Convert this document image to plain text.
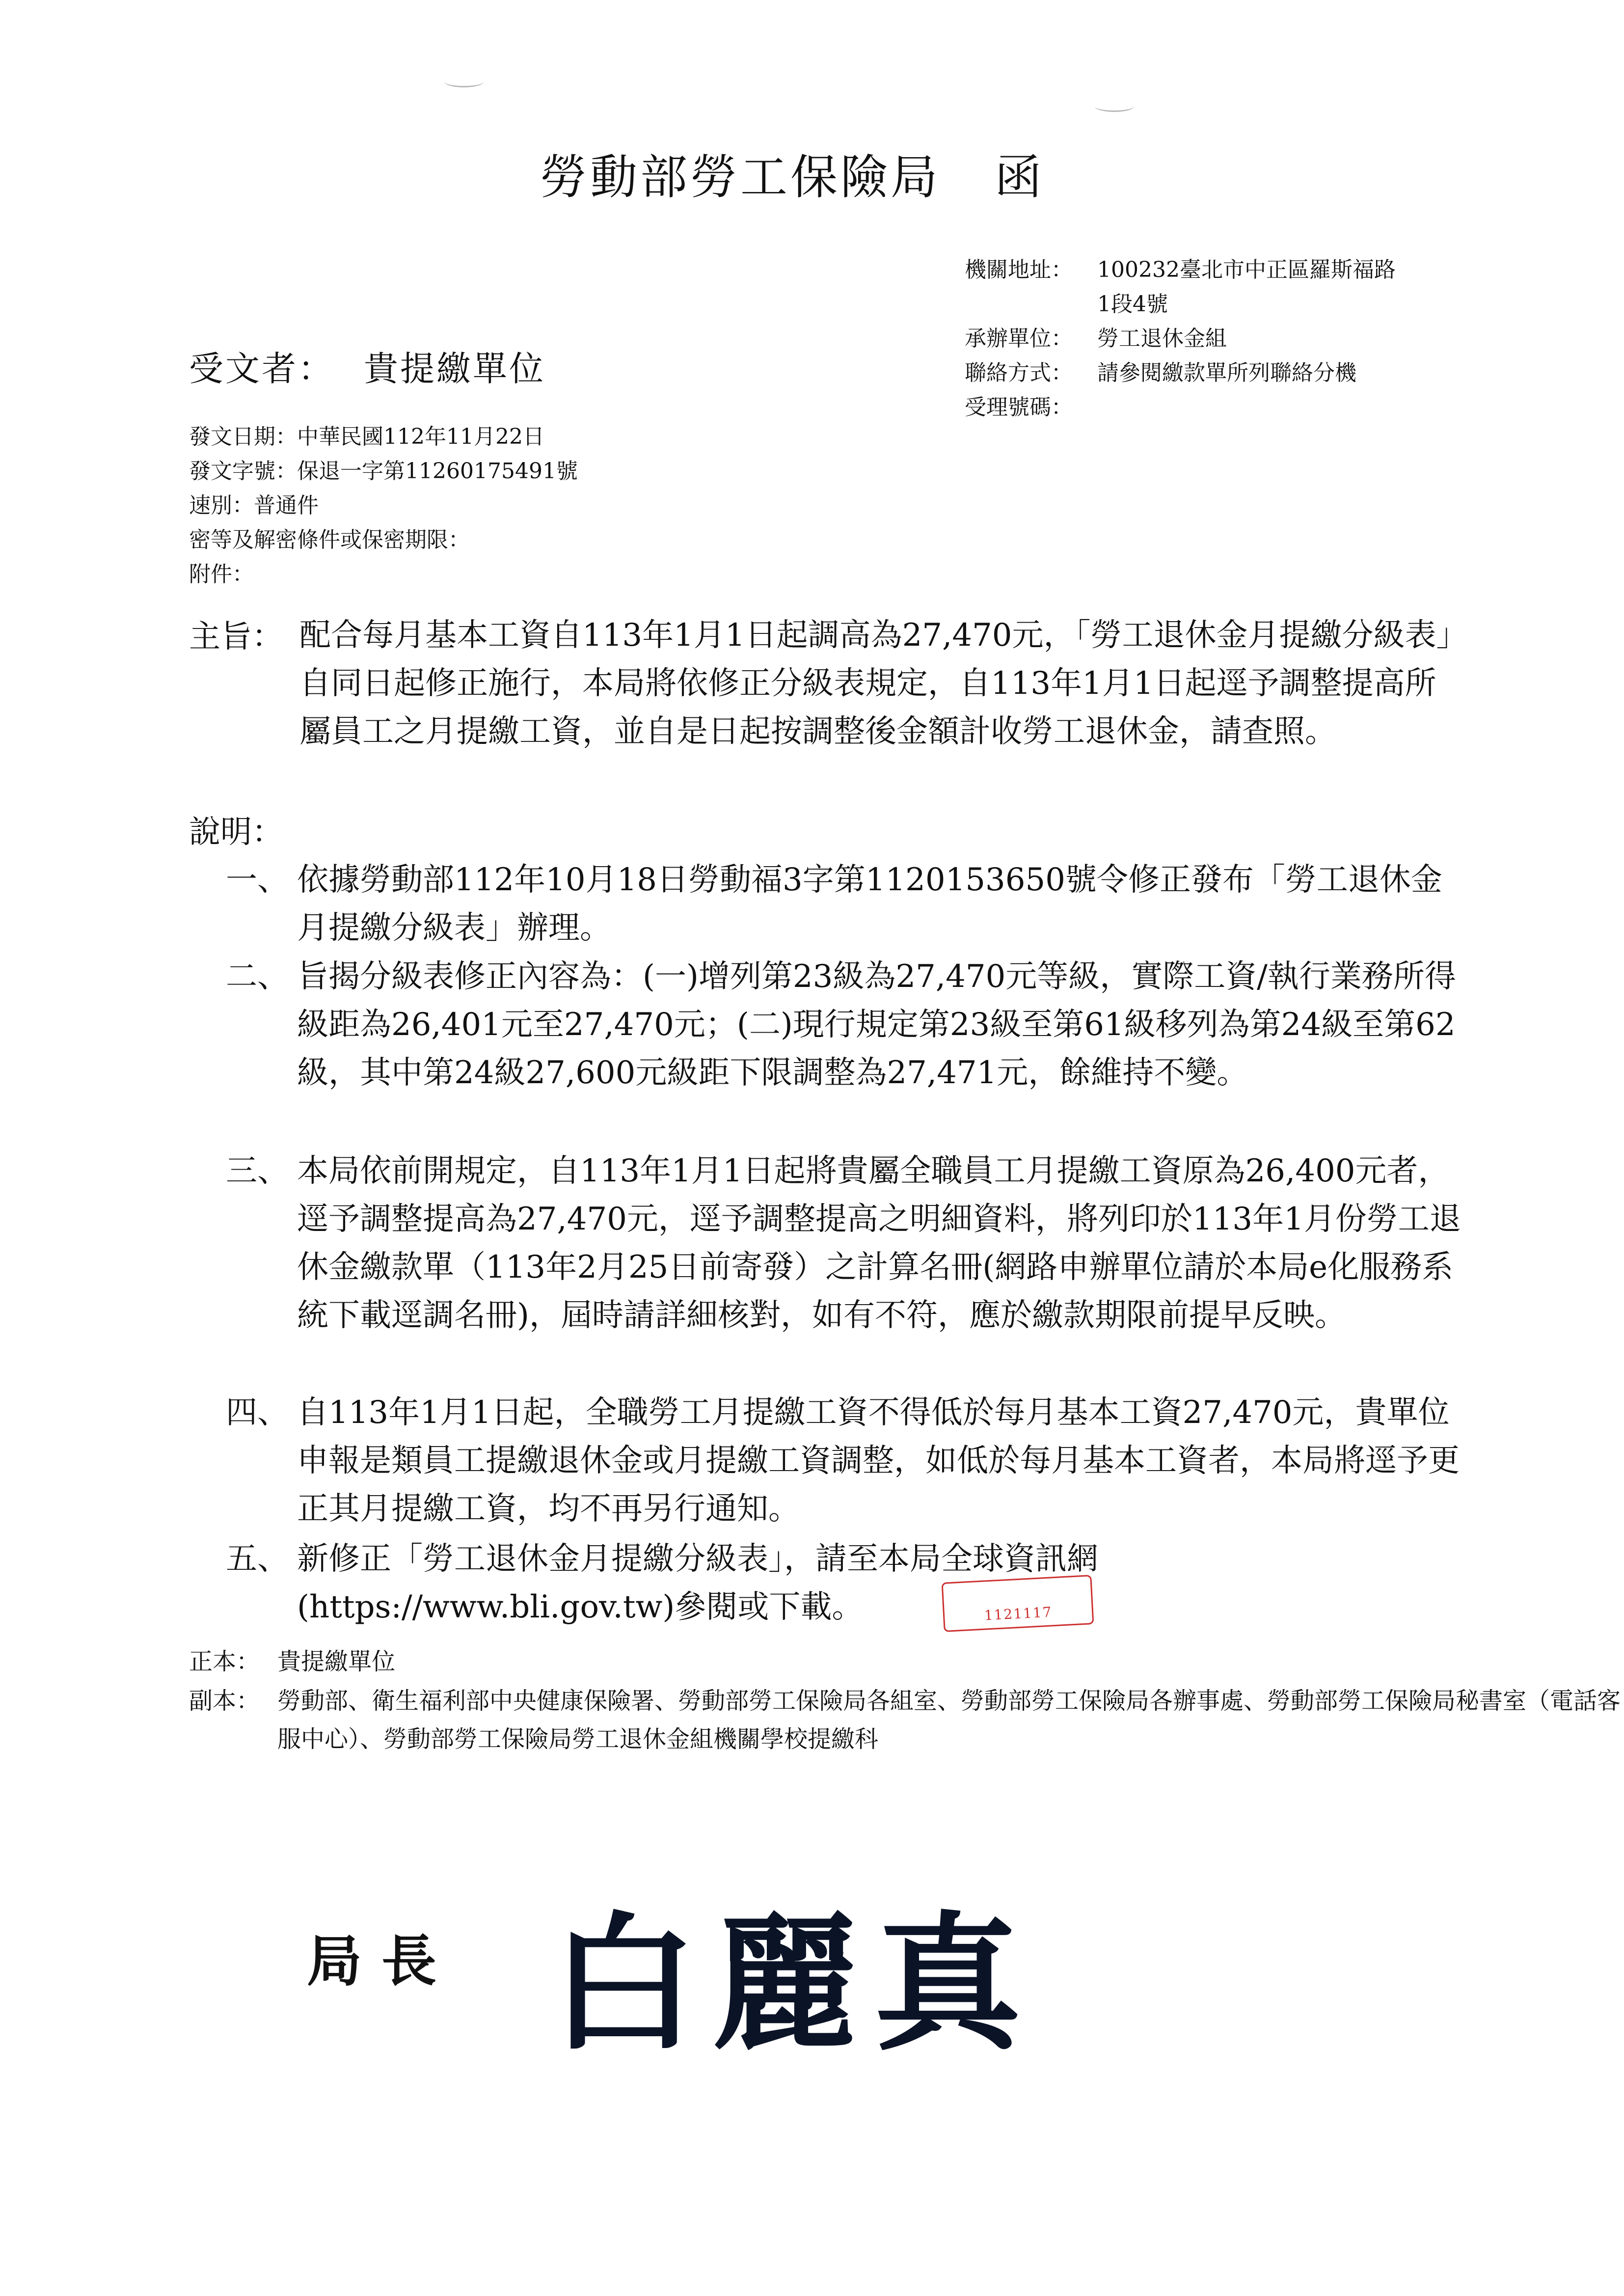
勞動部勞工保險局 函
機關地址： 100232臺北市中正區羅斯福路
1段4號
承辦單位： 勞工退休金組
聯絡方式： 請參閱繳款單所列聯絡分機
受理號碼：
受文者： 貴提繳單位
發文日期：中華民國112年11月22日
發文字號：保退一字第11260175491號
速別：普通件
密等及解密條件或保密期限：
附件：
主旨： 配合每月基本工資自113年1月1日起調高為27,470元，「勞工退休金月提繳分級表」自同日起修正施行，本局將依修正分級表規定，自113年1月1日起逕予調整提高所屬員工之月提繳工資，並自是日起按調整後金額計收勞工退休金，請查照。
說明：
一、 依據勞動部112年10月18日勞動福3字第1120153650號令修正發布「勞工退休金月提繳分級表」辦理。
二、 旨揭分級表修正內容為：(一)增列第23級為27,470元等級，實際工資/執行業務所得級距為26,401元至27,470元；(二)現行規定第23級至第61級移列為第24級至第62級，其中第24級27,600元級距下限調整為27,471元，餘維持不變。
三、 本局依前開規定，自113年1月1日起將貴屬全職員工月提繳工資原為26,400元者，逕予調整提高為27,470元，逕予調整提高之明細資料，將列印於113年1月份勞工退休金繳款單（113年2月25日前寄發）之計算名冊(網路申辦單位請於本局e化服務系統下載逕調名冊)，屆時請詳細核對，如有不符，應於繳款期限前提早反映。
四、 自113年1月1日起，全職勞工月提繳工資不得低於每月基本工資27,470元，貴單位申報是類員工提繳退休金或月提繳工資調整，如低於每月基本工資者，本局將逕予更正其月提繳工資，均不再另行通知。
五、 新修正「勞工退休金月提繳分級表」，請至本局全球資訊網(https://www.bli.gov.tw)參閱或下載。	1121117
正本： 貴提繳單位
副本： 勞動部、衛生福利部中央健康保險署、勞動部勞工保險局各組室、勞動部勞工保險局各辦事處、勞動部勞工保險局秘書室（電話客服中心）、勞動部勞工保險局勞工退休金組機關學校提繳科
局長 白麗真
